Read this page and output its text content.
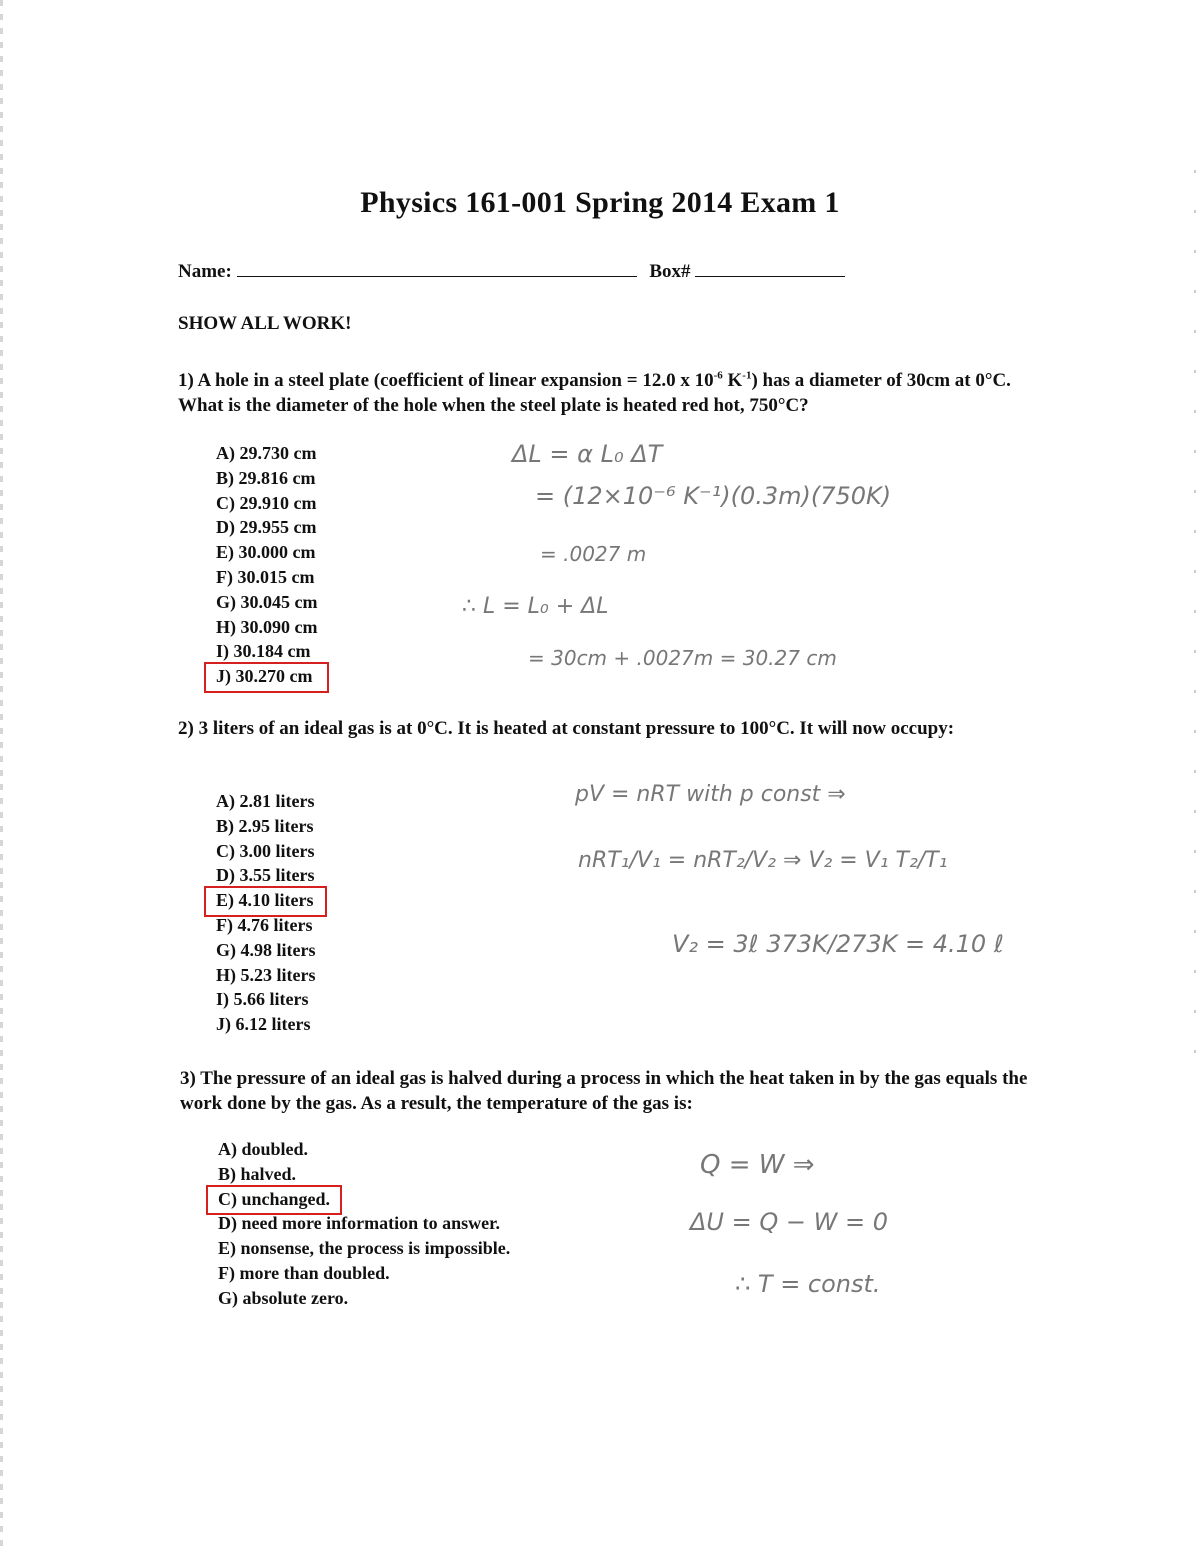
Physics 161-001 Spring 2014 Exam 1
Name:	Box#
SHOW ALL WORK!
1) A hole in a steel plate (coefficient of linear expansion = 12.0 x $10^{-6}$ $K^{-1}$) has a diameter of 30cm at 0°C. What is the diameter of the hole when the steel plate is heated red hot, 750°C?
A) 29.730 cm
B) 29.816 cm
C) 29.910 cm
D) 29.955 cm
E) 30.000 cm
F) 30.015 cm
G) 30.045 cm
H) 30.090 cm
I) 30.184 cm
J) 30.270 cm
ΔL = α L₀ ΔT
= (12×10⁻⁶ K⁻¹)(0.3m)(750K)
= .0027 m
∴ L = L₀ + ΔL
= 30cm + .0027m = 30.27 cm
2) 3 liters of an ideal gas is at 0°C. It is heated at constant pressure to 100°C. It will now occupy:
A) 2.81 liters
B) 2.95 liters
C) 3.00 liters
D) 3.55 liters
E) 4.10 liters
F) 4.76 liters
G) 4.98 liters
H) 5.23 liters
I) 5.66 liters
J) 6.12 liters
pV = nRT with p const ⇒
nRT₁/V₁ = nRT₂/V₂ ⇒ V₂ = V₁ T₂/T₁
V₂ = 3ℓ 373K/273K = 4.10 ℓ
3) The pressure of an ideal gas is halved during a process in which the heat taken in by the gas equals the work done by the gas. As a result, the temperature of the gas is:
A) doubled.
B) halved.
C) unchanged.
D) need more information to answer.
E) nonsense, the process is impossible.
F) more than doubled.
G) absolute zero.
Q = W ⇒
ΔU = Q − W = 0
∴ T = const.
